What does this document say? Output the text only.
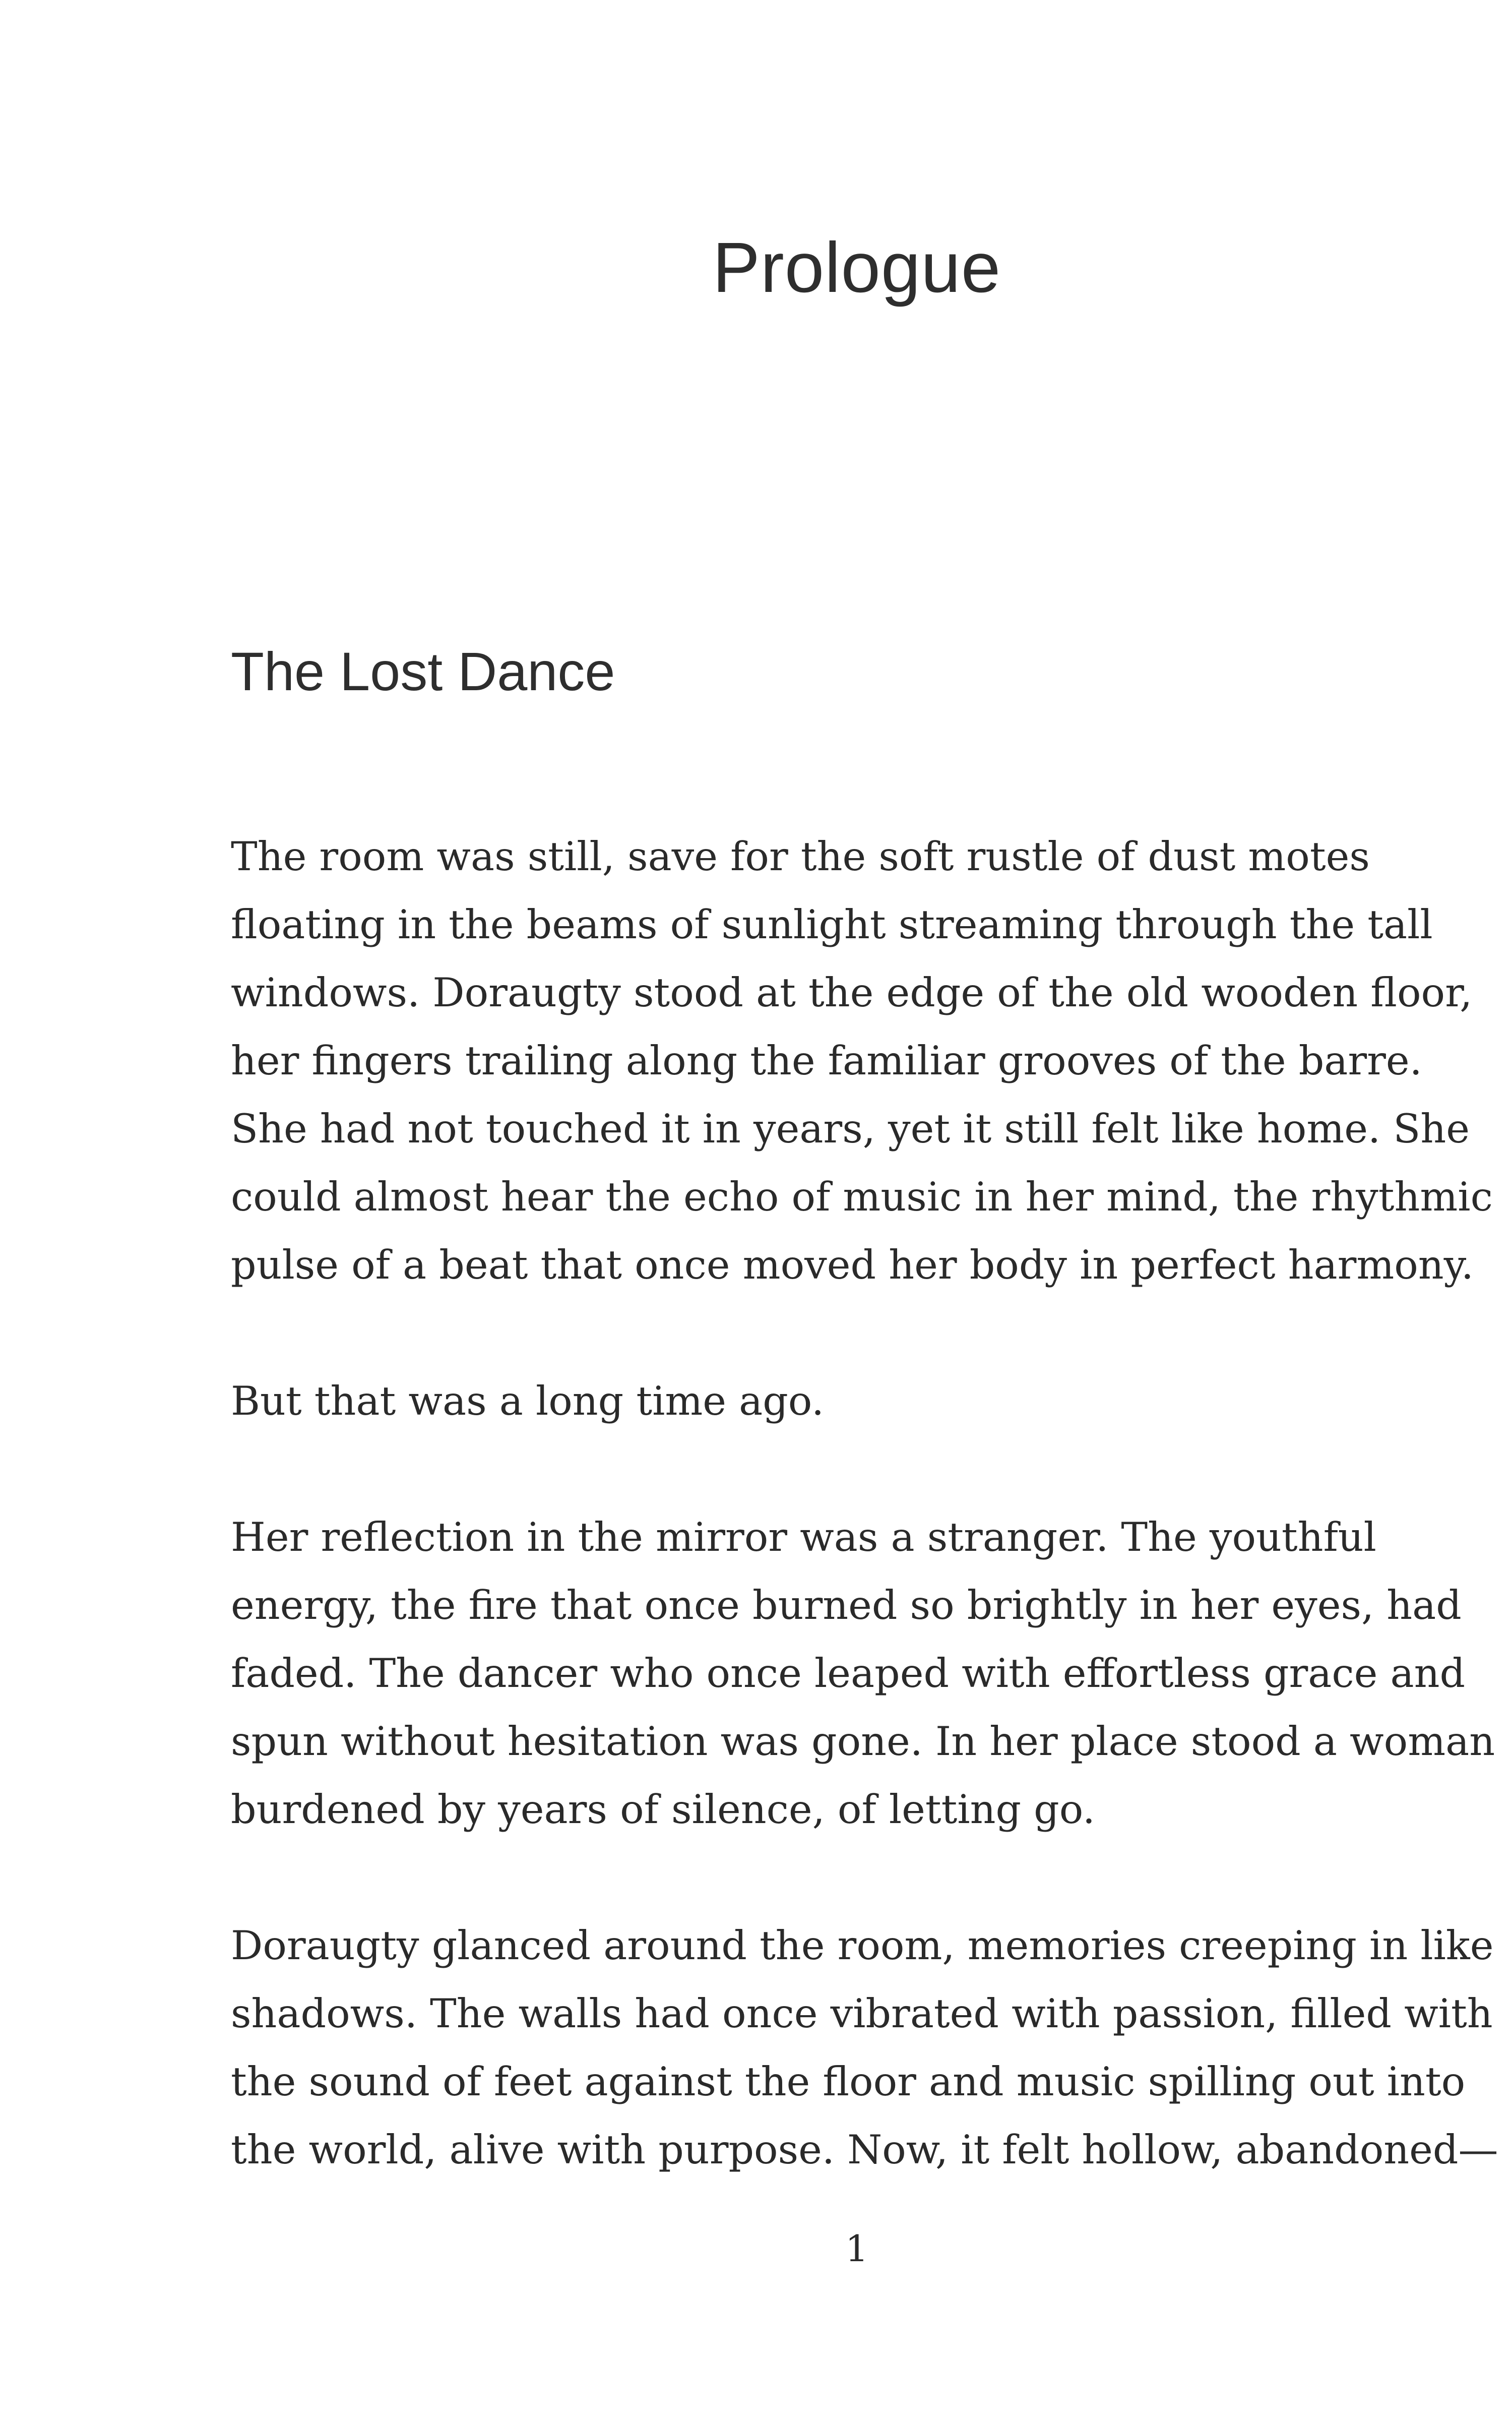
Prologue
The Lost Dance

The room was still, save for the soft rustle of dust motes floating in the beams of sunlight streaming through the tall windows. Doraugty stood at the edge of the old wooden floor, her fingers trailing along the familiar grooves of the barre. She had not touched it in years, yet it still felt like home. She could almost hear the echo of music in her mind, the rhythmic pulse of a beat that once moved her body in perfect harmony.

But that was a long time ago.

Her reflection in the mirror was a stranger. The youthful energy, the fire that once burned so brightly in her eyes, had faded. The dancer who once leaped with effortless grace and spun without hesitation was gone. In her place stood a woman burdened by years of silence, of letting go.

Doraugty glanced around the room, memories creeping in like shadows. The walls had once vibrated with passion, filled with the sound of feet against the floor and music spilling out into the world, alive with purpose. Now, it felt hollow, abandoned—

1
